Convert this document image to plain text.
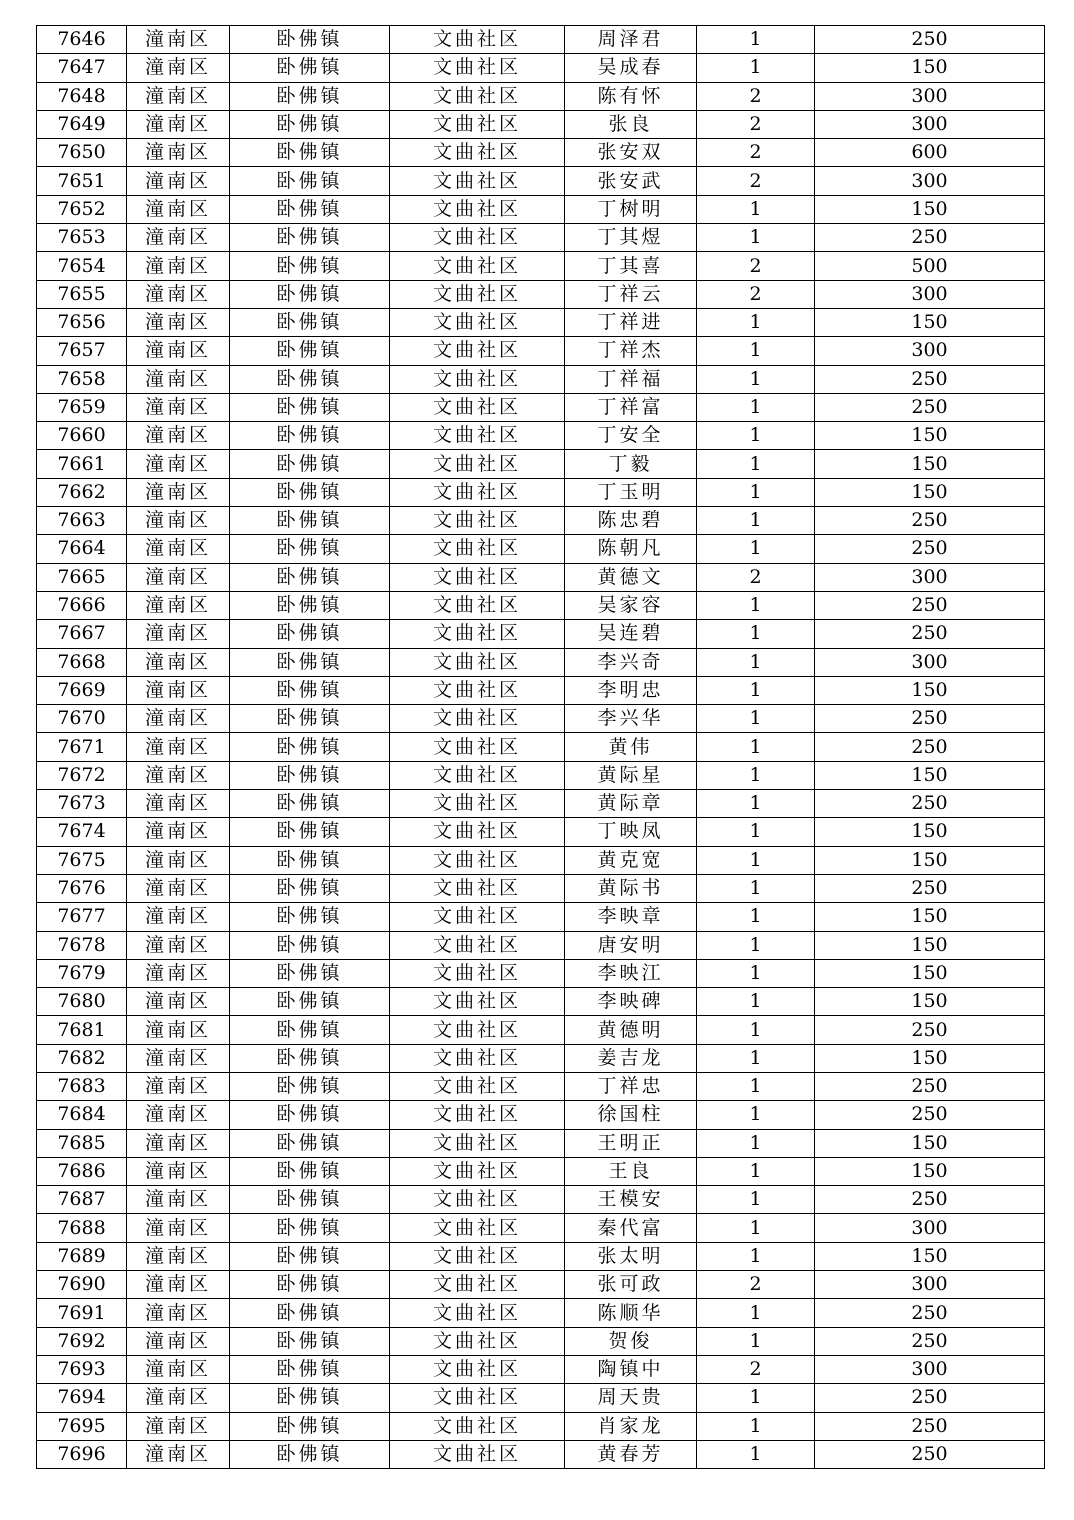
7646	潼南区	卧佛镇	文曲社区	周泽君	1	250
7647	潼南区	卧佛镇	文曲社区	吴成春	1	150
7648	潼南区	卧佛镇	文曲社区	陈有怀	2	300
7649	潼南区	卧佛镇	文曲社区	张良	2	300
7650	潼南区	卧佛镇	文曲社区	张安双	2	600
7651	潼南区	卧佛镇	文曲社区	张安武	2	300
7652	潼南区	卧佛镇	文曲社区	丁树明	1	150
7653	潼南区	卧佛镇	文曲社区	丁其煜	1	250
7654	潼南区	卧佛镇	文曲社区	丁其喜	2	500
7655	潼南区	卧佛镇	文曲社区	丁祥云	2	300
7656	潼南区	卧佛镇	文曲社区	丁祥进	1	150
7657	潼南区	卧佛镇	文曲社区	丁祥杰	1	300
7658	潼南区	卧佛镇	文曲社区	丁祥福	1	250
7659	潼南区	卧佛镇	文曲社区	丁祥富	1	250
7660	潼南区	卧佛镇	文曲社区	丁安全	1	150
7661	潼南区	卧佛镇	文曲社区	丁毅	1	150
7662	潼南区	卧佛镇	文曲社区	丁玉明	1	150
7663	潼南区	卧佛镇	文曲社区	陈忠碧	1	250
7664	潼南区	卧佛镇	文曲社区	陈朝凡	1	250
7665	潼南区	卧佛镇	文曲社区	黄德文	2	300
7666	潼南区	卧佛镇	文曲社区	吴家容	1	250
7667	潼南区	卧佛镇	文曲社区	吴连碧	1	250
7668	潼南区	卧佛镇	文曲社区	李兴奇	1	300
7669	潼南区	卧佛镇	文曲社区	李明忠	1	150
7670	潼南区	卧佛镇	文曲社区	李兴华	1	250
7671	潼南区	卧佛镇	文曲社区	黄伟	1	250
7672	潼南区	卧佛镇	文曲社区	黄际星	1	150
7673	潼南区	卧佛镇	文曲社区	黄际章	1	250
7674	潼南区	卧佛镇	文曲社区	丁映凤	1	150
7675	潼南区	卧佛镇	文曲社区	黄克宽	1	150
7676	潼南区	卧佛镇	文曲社区	黄际书	1	250
7677	潼南区	卧佛镇	文曲社区	李映章	1	150
7678	潼南区	卧佛镇	文曲社区	唐安明	1	150
7679	潼南区	卧佛镇	文曲社区	李映江	1	150
7680	潼南区	卧佛镇	文曲社区	李映碑	1	150
7681	潼南区	卧佛镇	文曲社区	黄德明	1	250
7682	潼南区	卧佛镇	文曲社区	姜吉龙	1	150
7683	潼南区	卧佛镇	文曲社区	丁祥忠	1	250
7684	潼南区	卧佛镇	文曲社区	徐国柱	1	250
7685	潼南区	卧佛镇	文曲社区	王明正	1	150
7686	潼南区	卧佛镇	文曲社区	王良	1	150
7687	潼南区	卧佛镇	文曲社区	王模安	1	250
7688	潼南区	卧佛镇	文曲社区	秦代富	1	300
7689	潼南区	卧佛镇	文曲社区	张太明	1	150
7690	潼南区	卧佛镇	文曲社区	张可政	2	300
7691	潼南区	卧佛镇	文曲社区	陈顺华	1	250
7692	潼南区	卧佛镇	文曲社区	贺俊	1	250
7693	潼南区	卧佛镇	文曲社区	陶镇中	2	300
7694	潼南区	卧佛镇	文曲社区	周天贵	1	250
7695	潼南区	卧佛镇	文曲社区	肖家龙	1	250
7696	潼南区	卧佛镇	文曲社区	黄春芳	1	250
